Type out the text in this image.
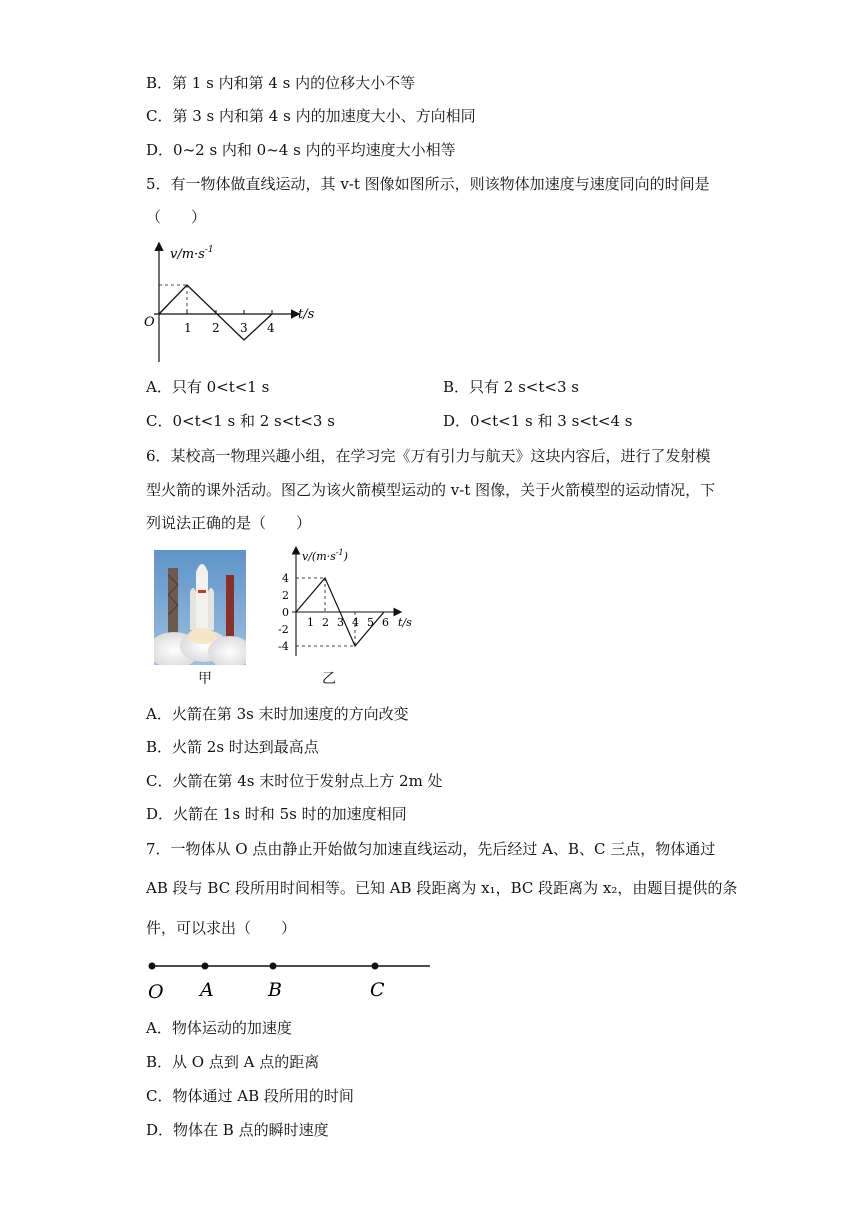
B．第 1 s 内和第 4 s 内的位移大小不等
C．第 3 s 内和第 4 s 内的加速度大小、方向相同
D．0~2 s 内和 0~4 s 内的平均速度大小相等
5．有一物体做直线运动，其 v-t 图像如图所示，则该物体加速度与速度同向的时间是
（　　）
$v/m\cdot s^{-1}$
t/s
O 1 2 3 4
A．只有 0<t<1 s	B．只有 2 s<t<3 s
C．0<t<1 s 和 2 s<t<3 s	D．0<t<1 s 和 3 s<t<4 s
6．某校高一物理兴趣小组，在学习完《万有引力与航天》这块内容后，进行了发射模
型火箭的课外活动。图乙为该火箭模型运动的 v-t 图像，关于火箭模型的运动情况，下
列说法正确的是（　　）
甲
4
2
0
-2
-4
1 2 3 4 5 6
$v/(m\cdot s^{-1})$
t/s
乙
A．火箭在第 3s 末时加速度的方向改变
B．火箭 2s 时达到最高点
C．火箭在第 4s 末时位于发射点上方 2m 处
D．火箭在 1s 时和 5s 时的加速度相同
7．一物体从 O 点由静止开始做匀加速直线运动，先后经过 A、B、C 三点，物体通过
AB 段与 BC 段所用时间相等。已知 AB 段距离为 x₁，BC 段距离为 x₂，由题目提供的条
件，可以求出（　　）
O A	B	C
A．物体运动的加速度
B．从 O 点到 A 点的距离
C．物体通过 AB 段所用的时间
D．物体在 B 点的瞬时速度
